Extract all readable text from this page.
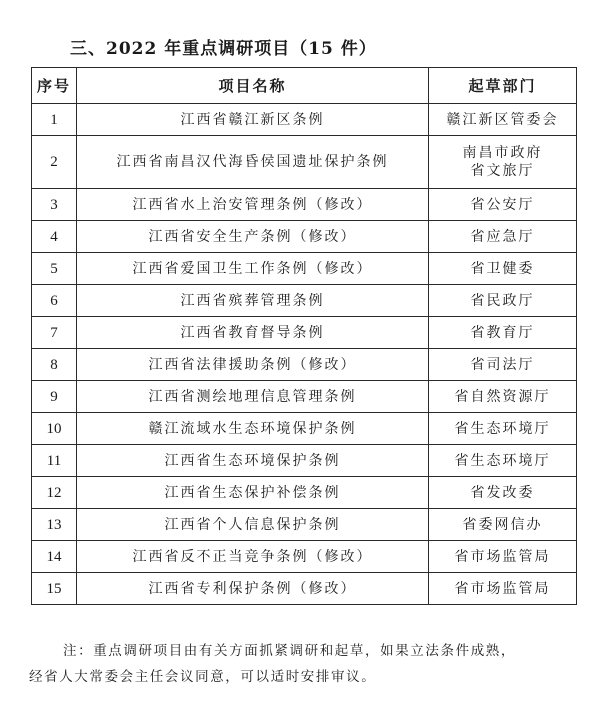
三、2022 年重点调研项目（15 件）
序号	项目名称	起草部门
1	江西省赣江新区条例	赣江新区管委会

2	江西省南昌汉代海昏侯国遗址保护条例	南昌市政府
省文旅厅

3	江西省水上治安管理条例（修改）	省公安厅

4	江西省安全生产条例（修改）	省应急厅

5	江西省爱国卫生工作条例（修改）	省卫健委

6	江西省殡葬管理条例	省民政厅

7	江西省教育督导条例	省教育厅

8	江西省法律援助条例（修改）	省司法厅

9	江西省测绘地理信息管理条例	省自然资源厅

10	赣江流域水生态环境保护条例	省生态环境厅

11	江西省生态环境保护条例	省生态环境厅

12	江西省生态保护补偿条例	省发改委

13	江西省个人信息保护条例	省委网信办

14	江西省反不正当竞争条例（修改）	省市场监管局

15	江西省专利保护条例（修改）	省市场监管局
注：重点调研项目由有关方面抓紧调研和起草，如果立法条件成熟，
经省人大常委会主任会议同意，可以适时安排审议。
